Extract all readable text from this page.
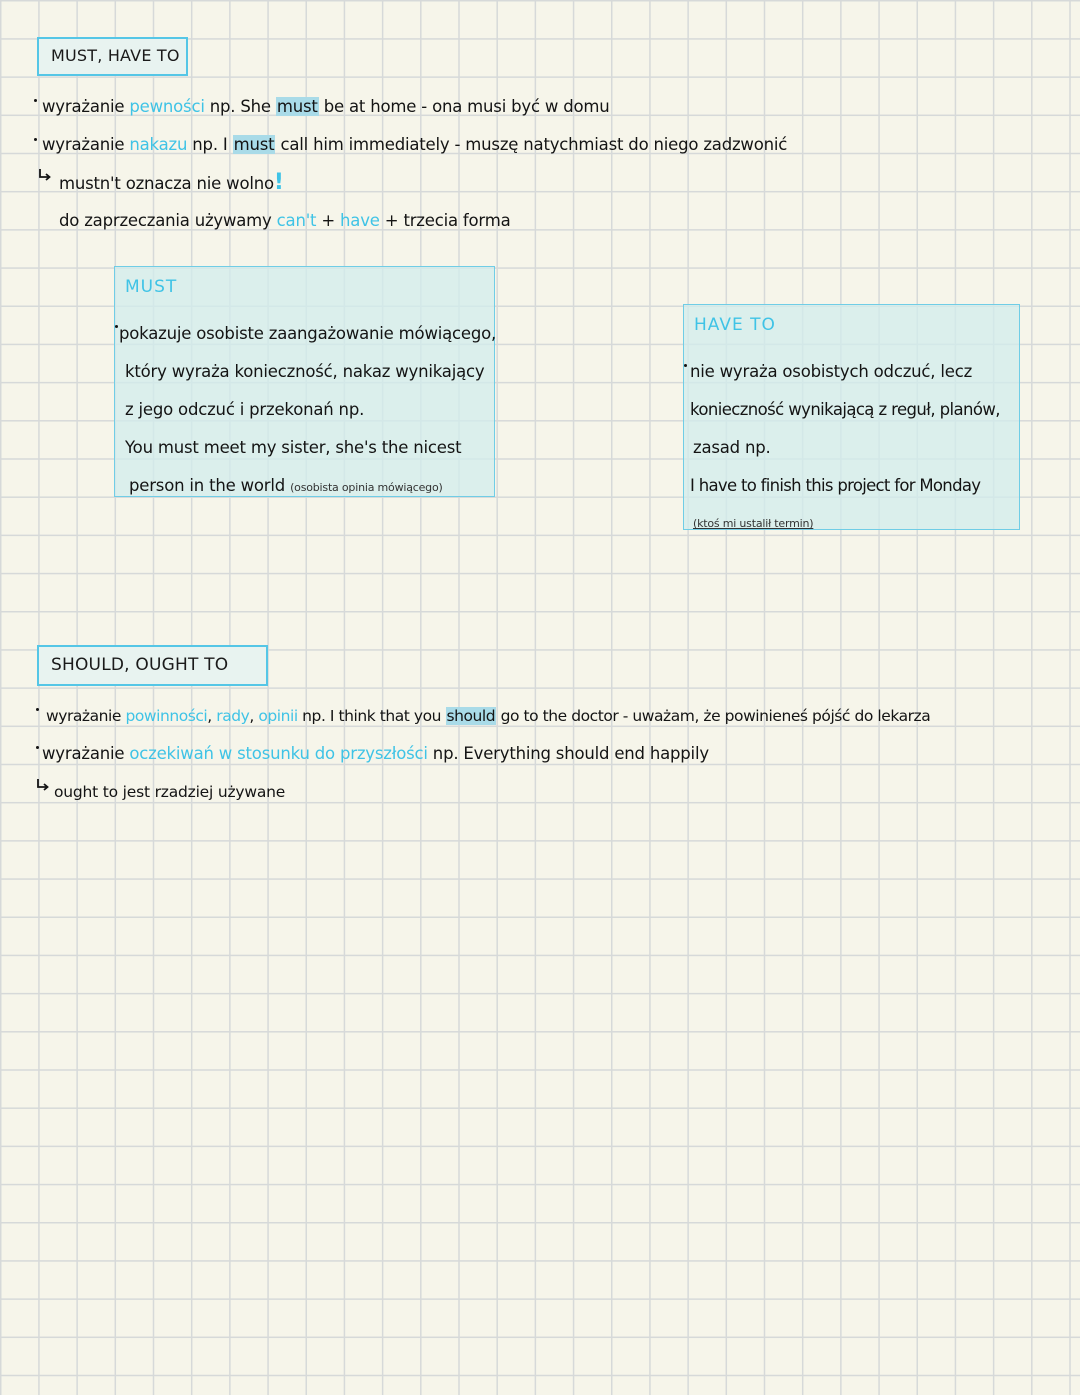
MUST, HAVE TO
wyrażanie pewności np. She must be at home - ona musi być w domu
wyrażanie nakazu np. I must call him immediately - muszę natychmiast do niego zadzwonić
mustn't oznacza nie wolno!
do zaprzeczania używamy can't + have + trzecia forma
MUST
pokazuje osobiste zaangażowanie mówiącego,
który wyraża konieczność, nakaz wynikający
z jego odczuć i przekonań np.
You must meet my sister, she's the nicest
person in the world (osobista opinia mówiącego)
HAVE TO
nie wyraża osobistych odczuć, lecz
konieczność wynikającą z reguł, planów,
zasad np.
I have to finish this project for Monday
(ktoś mi ustalił termin)
SHOULD, OUGHT TO
wyrażanie powinności, rady, opinii np. I think that you should go to the doctor - uważam, że powinieneś pójść do lekarza
wyrażanie oczekiwań w stosunku do przyszłości np. Everything should end happily
ought to jest rzadziej używane
